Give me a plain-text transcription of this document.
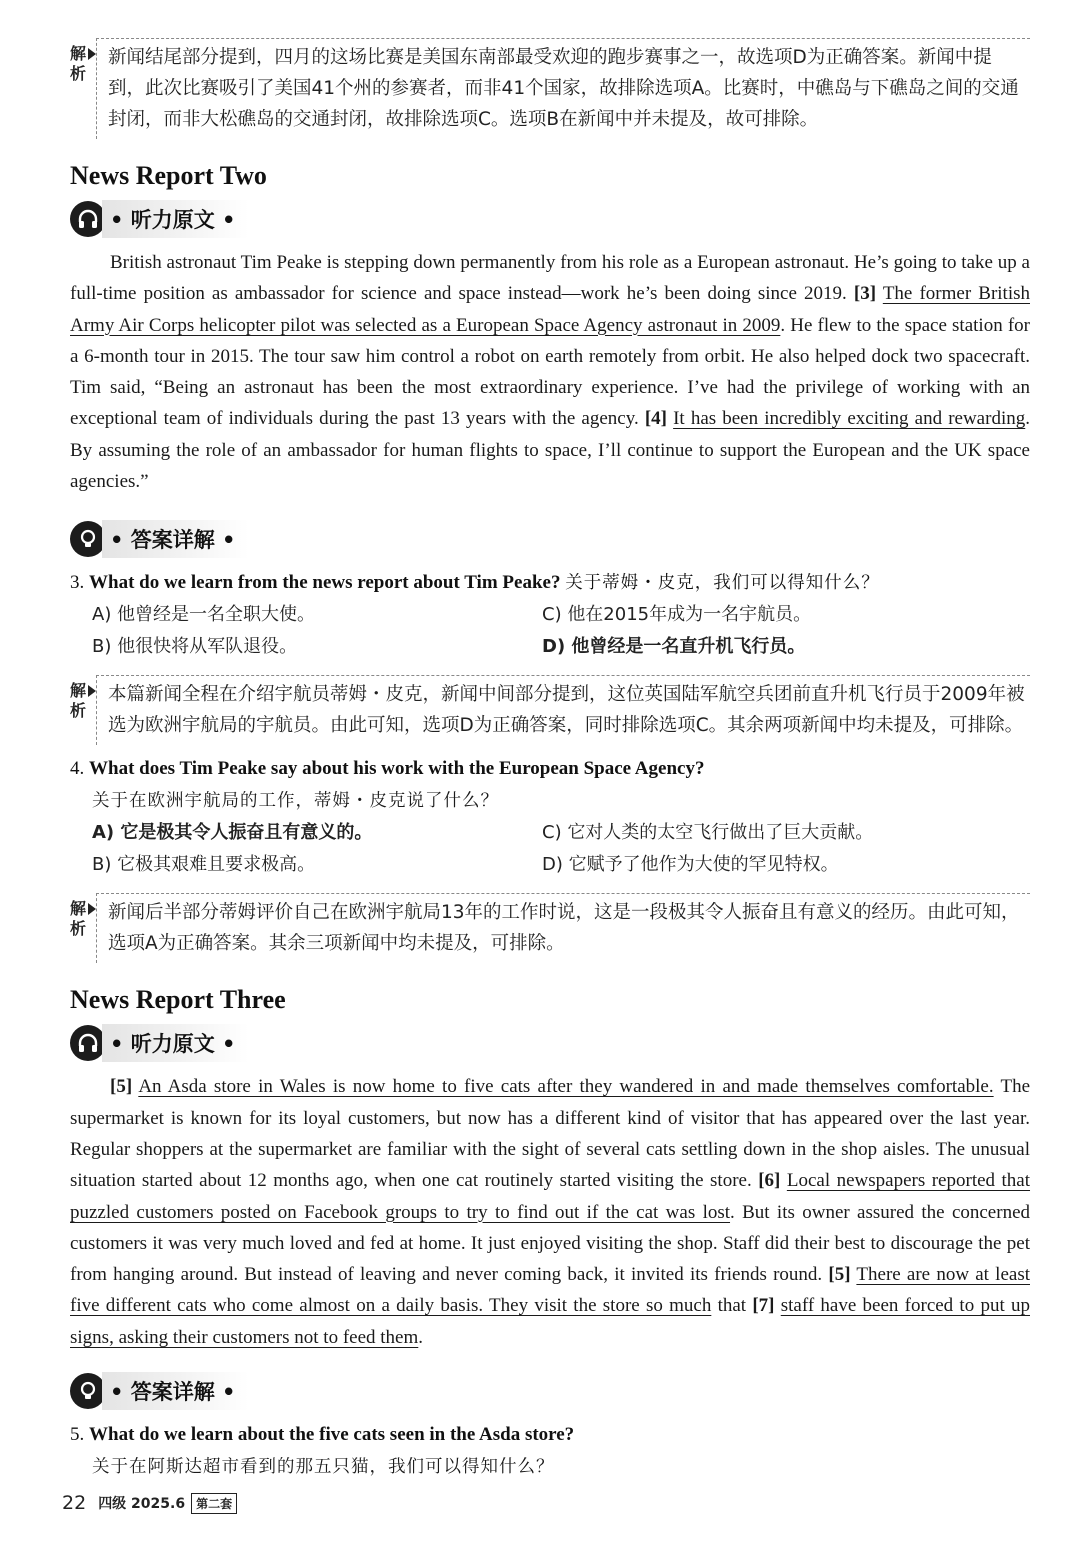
解析
新闻结尾部分提到，四月的这场比赛是美国东南部最受欢迎的跑步赛事之一，故选项D为正确答案。新闻中提到，此次比赛吸引了美国41个州的参赛者，而非41个国家，故排除选项A。比赛时，中礁岛与下礁岛之间的交通封闭，而非大松礁岛的交通封闭，故排除选项C。选项B在新闻中并未提及，故可排除。
News Report Two
• 听力原文 •

British astronaut Tim Peake is stepping down permanently from his role as a European astronaut. He’s going to take up a full-time position as ambassador for science and space instead—work he’s been doing since 2019. [3] The former British Army Air Corps helicopter pilot was selected as a European Space Agency astronaut in 2009. He flew to the space station for a 6-month tour in 2015. The tour saw him control a robot on earth remotely from orbit. He also helped dock two spacecraft. Tim said, “Being an astronaut has been the most extraordinary experience. I’ve had the privilege of working with an exceptional team of individuals during the past 13 years with the agency. [4] It has been incredibly exciting and rewarding. By assuming the role of an ambassador for human flights to space, I’ll continue to support the European and the UK space agencies.”

• 答案详解 •
3. What do we learn from the news report about Tim Peake? 关于蒂姆・皮克，我们可以得知什么？
A) 他曾经是一名全职大使。	C) 他在2015年成为一名宇航员。
B) 他很快将从军队退役。	D) 他曾经是一名直升机飞行员。
解析
本篇新闻全程在介绍宇航员蒂姆・皮克，新闻中间部分提到，这位英国陆军航空兵团前直升机飞行员于2009年被选为欧洲宇航局的宇航员。由此可知，选项D为正确答案，同时排除选项C。其余两项新闻中均未提及，可排除。
4. What does Tim Peake say about his work with the European Space Agency?
关于在欧洲宇航局的工作，蒂姆・皮克说了什么？
A) 它是极其令人振奋且有意义的。	C) 它对人类的太空飞行做出了巨大贡献。
B) 它极其艰难且要求极高。	D) 它赋予了他作为大使的罕见特权。
解析
新闻后半部分蒂姆评价自己在欧洲宇航局13年的工作时说，这是一段极其令人振奋且有意义的经历。由此可知，选项A为正确答案。其余三项新闻中均未提及，可排除。
News Report Three
• 听力原文 •

[5] An Asda store in Wales is now home to five cats after they wandered in and made themselves comfortable. The supermarket is known for its loyal customers, but now has a different kind of visitor that has appeared over the last year. Regular shoppers at the supermarket are familiar with the sight of several cats settling down in the shop aisles. The unusual situation started about 12 months ago, when one cat routinely started visiting the store. [6] Local newspapers reported that puzzled customers posted on Facebook groups to try to find out if the cat was lost. But its owner assured the concerned customers it was very much loved and fed at home. It just enjoyed visiting the shop. Staff did their best to discourage the pet from hanging around. But instead of leaving and never coming back, it invited its friends round. [5] There are now at least five different cats who come almost on a daily basis. They visit the store so much that [7] staff have been forced to put up signs, asking their customers not to feed them.

• 答案详解 •
5. What do we learn about the five cats seen in the Asda store?
关于在阿斯达超市看到的那五只猫，我们可以得知什么？
22 四级 2025.6 第二套
